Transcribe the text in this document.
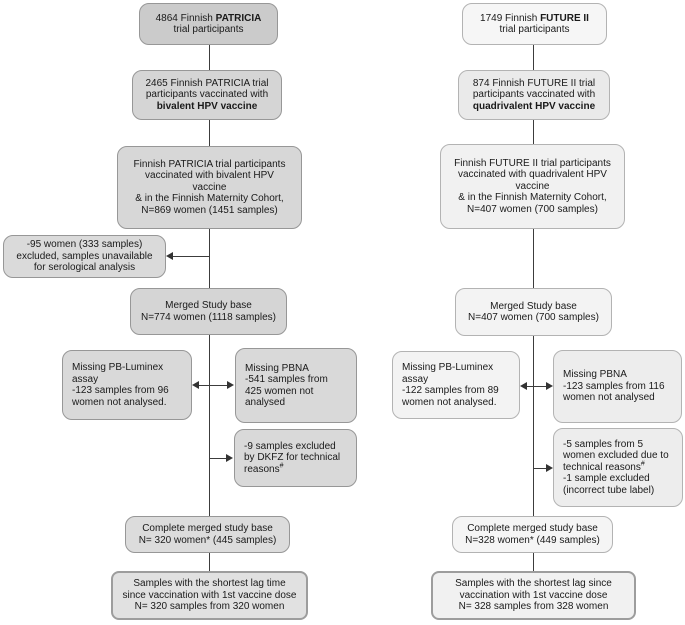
4864 Finnish PATRICIA
trial participants
2465 Finnish PATRICIA trial
participants vaccinated with
bivalent HPV vaccine
Finnish PATRICIA trial participants
vaccinated with bivalent HPV
vaccine
& in the Finnish Maternity Cohort,
N=869 women (1451 samples)
-95 women (333 samples)
excluded, samples unavailable
for serological analysis
Merged Study base
N=774 women (1118 samples)
Missing PB-Luminex
assay
-123 samples from 96
women not analysed.
Missing PBNA
-541 samples from
425 women not
analysed
-9 samples excluded
by DKFZ for technical
reasons#
Complete merged study base
N= 320 women* (445 samples)
Samples with the shortest lag time
since vaccination with 1st vaccine dose
N= 320 samples from 320 women
1749 Finnish FUTURE II
trial participants
874 Finnish FUTURE II trial
participants vaccinated with
quadrivalent HPV vaccine
Finnish FUTURE II trial participants
vaccinated with quadrivalent HPV
vaccine
& in the Finnish Maternity Cohort,
N=407 women (700 samples)
Merged Study base
N=407 women (700 samples)
Missing PB-Luminex
assay
-122 samples from 89
women not analysed.
Missing PBNA
-123 samples from 116
women not analysed
-5 samples from 5
women excluded due to
technical reasons#
-1 sample excluded
(incorrect tube label)
Complete merged study base
N=328 women* (449 samples)
Samples with the shortest lag since
vaccination with 1st vaccine dose
N= 328 samples from 328 women
